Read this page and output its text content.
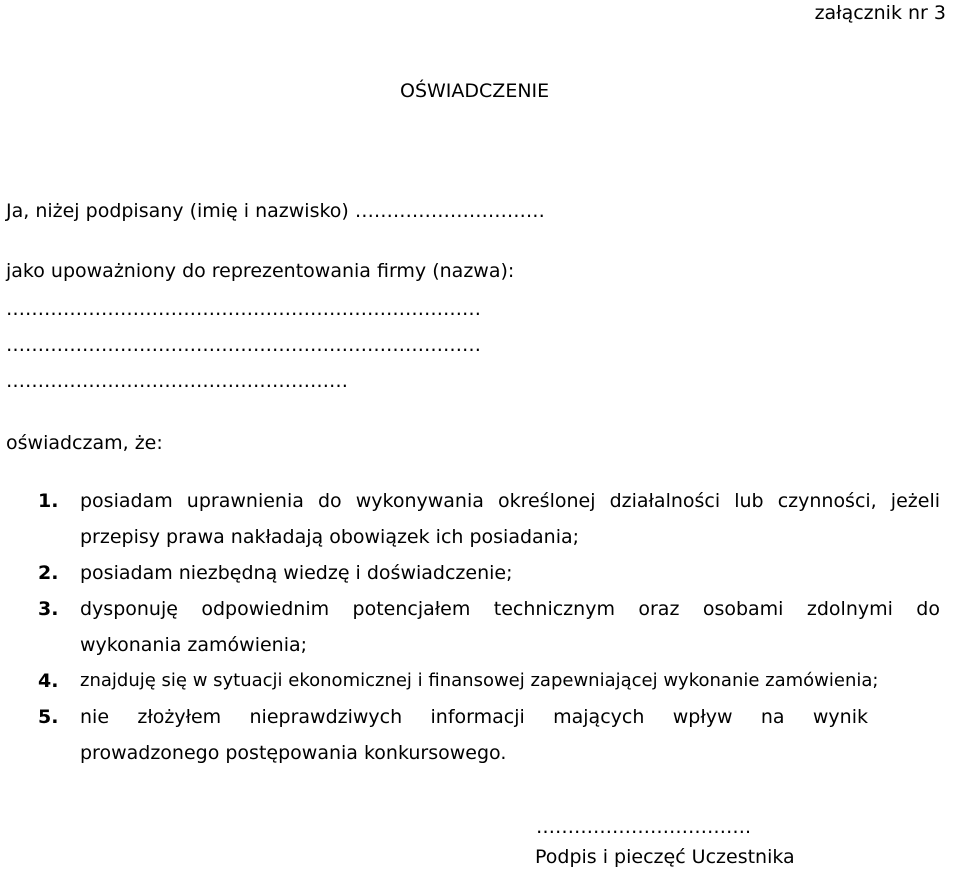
załącznik nr 3
OŚWIADCZENIE
Ja, niżej podpisany (imię i nazwisko) …………………………
jako upoważniony do reprezentowania firmy (nazwa):
…………………………………………………………………
…………………………………………………………………
………………………………………………
oświadczam, że:
1. posiadam uprawnienia do wykonywania określonej działalności lub czynności, jeżeli
przepisy prawa nakładają obowiązek ich posiadania;
2. posiadam niezbędną wiedzę i doświadczenie;
3. dysponuję odpowiednim potencjałem technicznym oraz osobami zdolnymi do
wykonania zamówienia;
4. znajduję się w sytuacji ekonomicznej i finansowej zapewniającej wykonanie zamówienia;
5. nie złożyłem nieprawdziwych informacji mających wpływ na wynik
prowadzonego postępowania konkursowego.
…………………………….
Podpis i pieczęć Uczestnika
